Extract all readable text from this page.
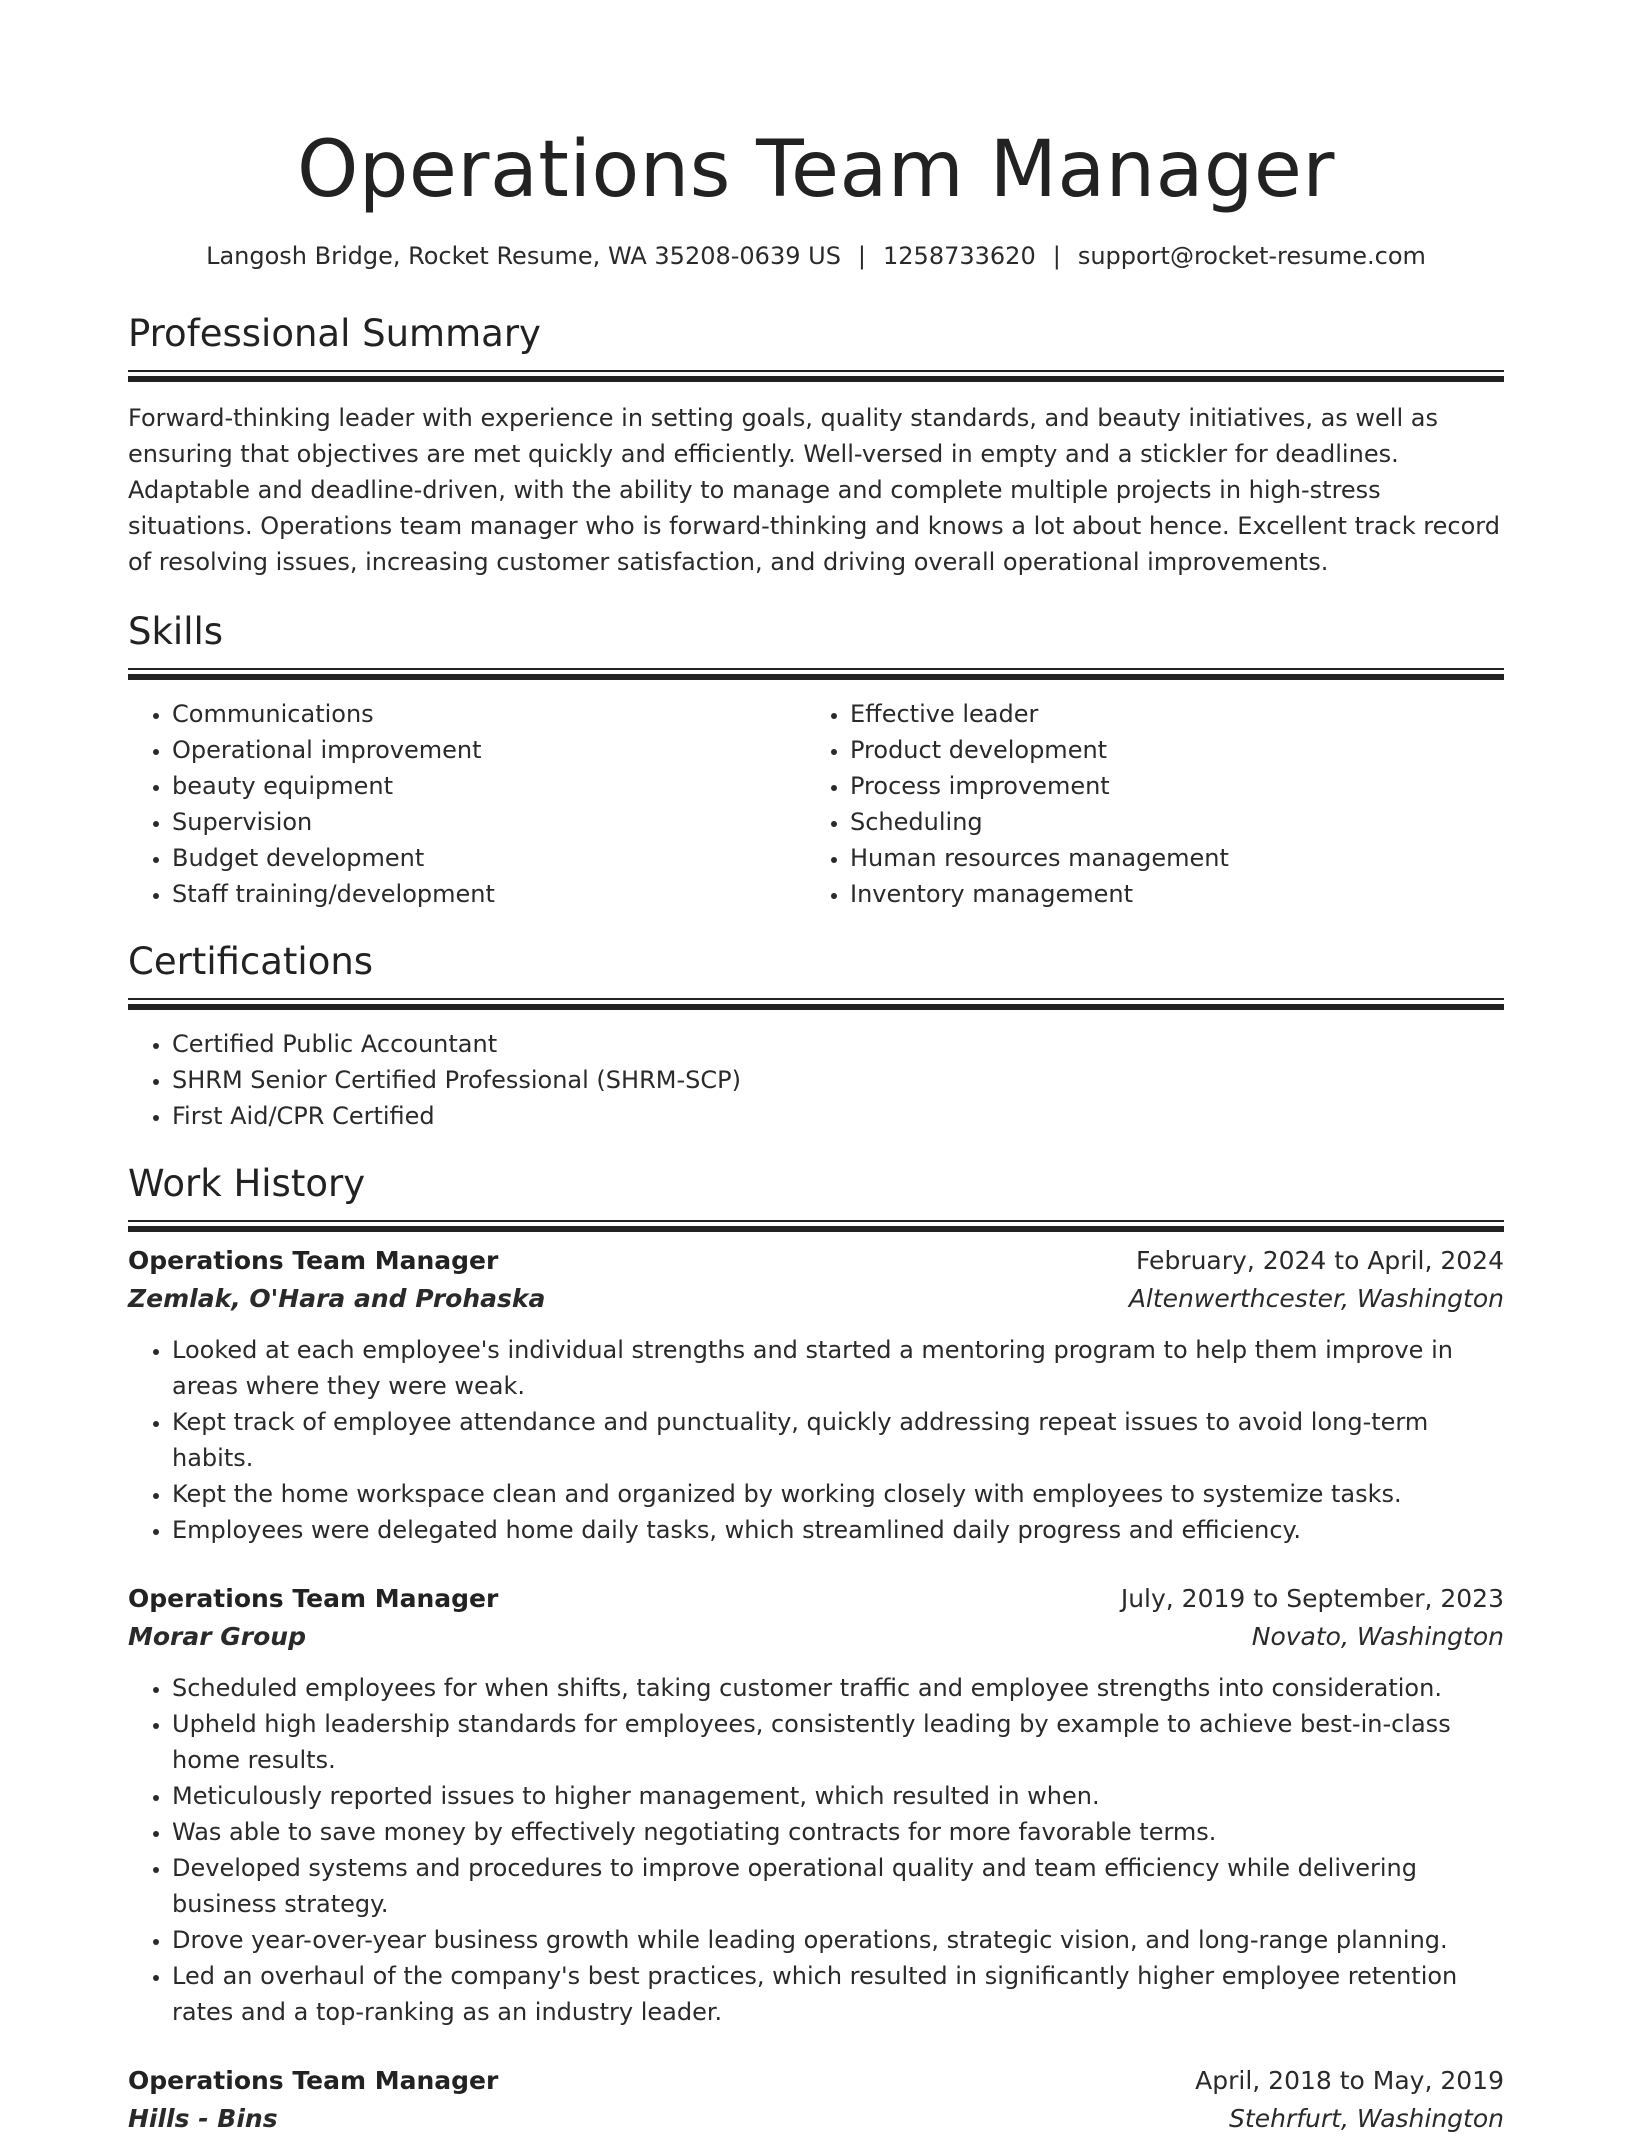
Operations Team Manager
Langosh Bridge, Rocket Resume, WA 35208-0639 US | 1258733620 | support@rocket-resume.com
Professional Summary

Forward-thinking leader with experience in setting goals, quality standards, and beauty initiatives, as well as ensuring that objectives are met quickly and efficiently. Well-versed in empty and a stickler for deadlines. Adaptable and deadline-driven, with the ability to manage and complete multiple projects in high-stress situations. Operations team manager who is forward-thinking and knows a lot about hence. Excellent track record of resolving issues, increasing customer satisfaction, and driving overall operational improvements.

Skills
• Communications
• Operational improvement
• beauty equipment
• Supervision
• Budget development
• Staff training/development
• Effective leader
• Product development
• Process improvement
• Scheduling
• Human resources management
• Inventory management
Certifications
• Certified Public Accountant
• SHRM Senior Certified Professional (SHRM-SCP)
• First Aid/CPR Certified
Work History
Operations Team Manager	February, 2024 to April, 2024
Zemlak, O'Hara and Prohaska	Altenwerthcester, Washington
• Looked at each employee's individual strengths and started a mentoring program to help them improve in areas where they were weak.
• Kept track of employee attendance and punctuality, quickly addressing repeat issues to avoid long-term habits.
• Kept the home workspace clean and organized by working closely with employees to systemize tasks.
• Employees were delegated home daily tasks, which streamlined daily progress and efficiency.
Operations Team Manager	July, 2019 to September, 2023
Morar Group	Novato, Washington
• Scheduled employees for when shifts, taking customer traffic and employee strengths into consideration.
• Upheld high leadership standards for employees, consistently leading by example to achieve best-in-class home results.
• Meticulously reported issues to higher management, which resulted in when.
• Was able to save money by effectively negotiating contracts for more favorable terms.
• Developed systems and procedures to improve operational quality and team efficiency while delivering business strategy.
• Drove year-over-year business growth while leading operations, strategic vision, and long-range planning.
• Led an overhaul of the company's best practices, which resulted in significantly higher employee retention rates and a top-ranking as an industry leader.
Operations Team Manager	April, 2018 to May, 2019
Hills - Bins	Stehrfurt, Washington
